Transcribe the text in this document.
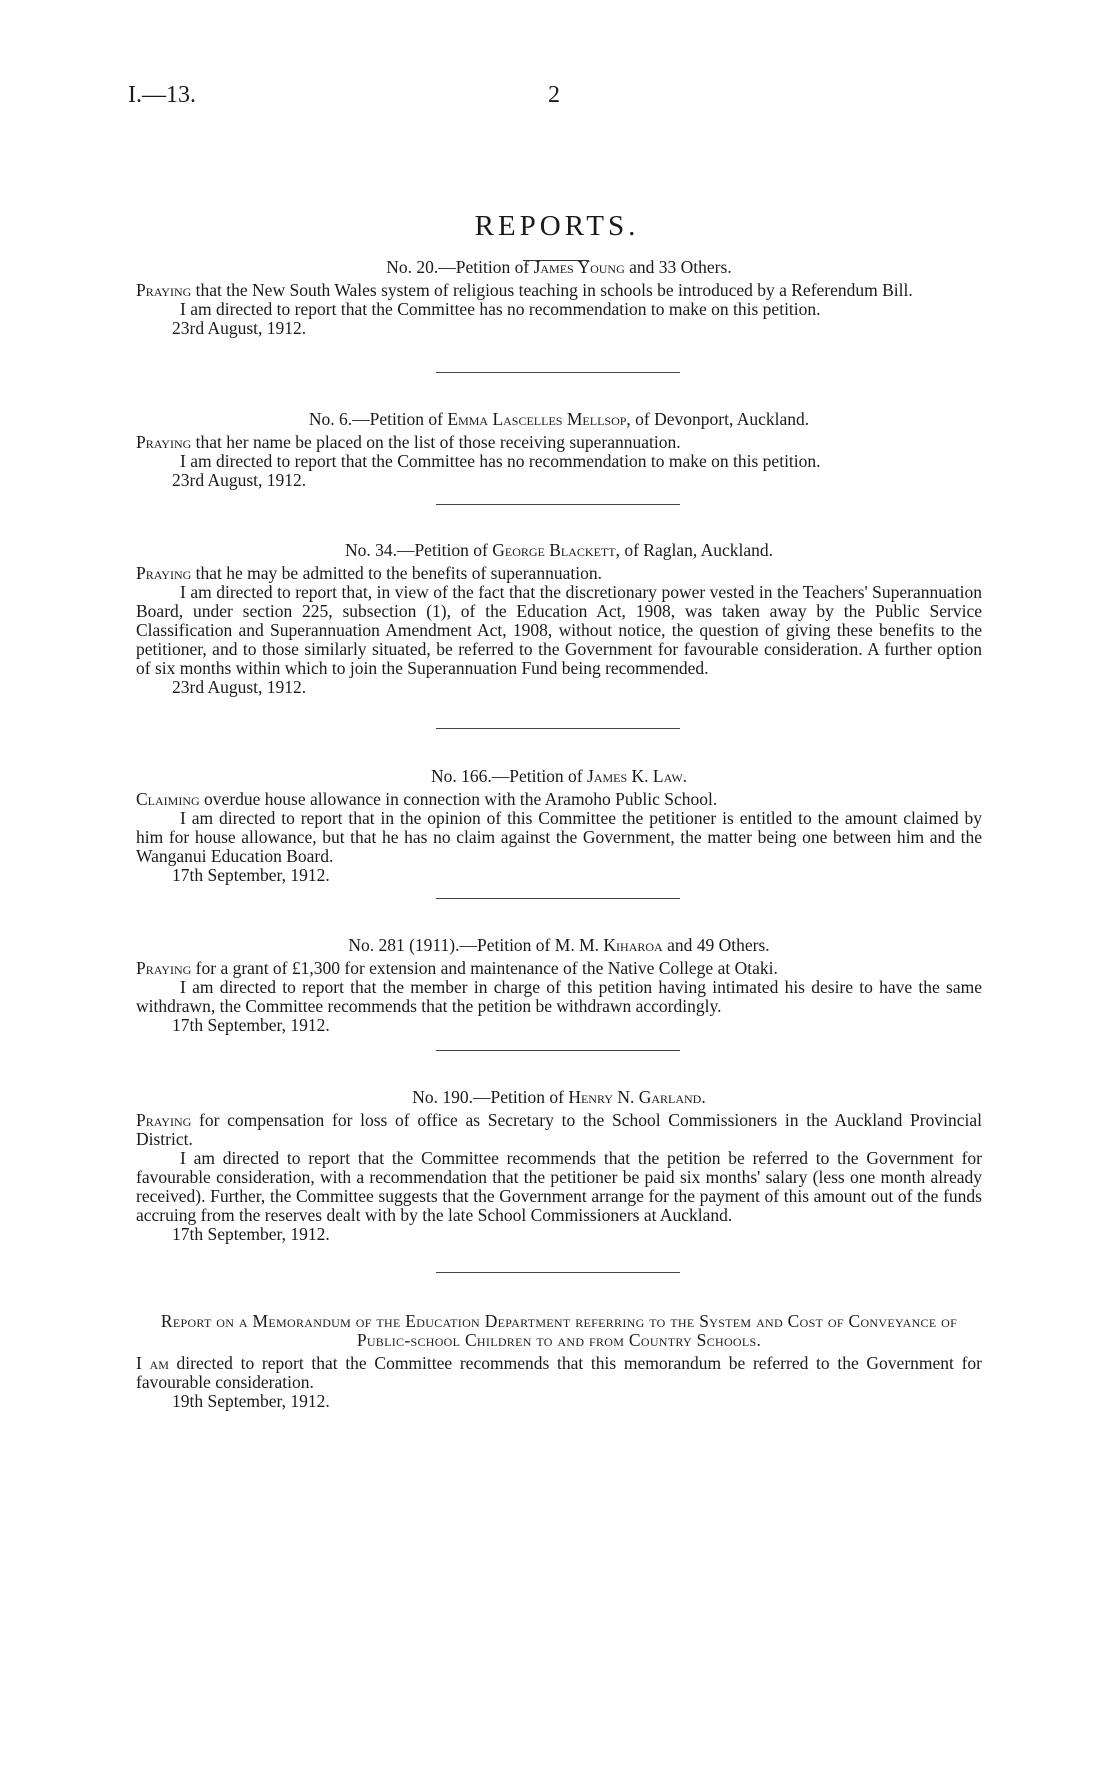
I.—13.	2
REPORTS.

No. 20.—Petition of James Young and 33 Others.

Praying that the New South Wales system of religious teaching in schools be introduced by a Referendum Bill.

I am directed to report that the Committee has no recommendation to make on this petition.

23rd August, 1912.

No. 6.—Petition of Emma Lascelles Mellsop, of Devonport, Auckland.

Praying that her name be placed on the list of those receiving superannuation.

I am directed to report that the Committee has no recommendation to make on this petition.

23rd August, 1912.

No. 34.—Petition of George Blackett, of Raglan, Auckland.

Praying that he may be admitted to the benefits of superannuation.

I am directed to report that, in view of the fact that the discretionary power vested in the Teachers' Superannuation Board, under section 225, subsection (1), of the Education Act, 1908, was taken away by the Public Service Classification and Superannuation Amendment Act, 1908, without notice, the question of giving these benefits to the petitioner, and to those similarly situated, be referred to the Government for favourable consideration. A further option of six months within which to join the Superannuation Fund being recommended.

23rd August, 1912.

No. 166.—Petition of James K. Law.

Claiming overdue house allowance in connection with the Aramoho Public School.

I am directed to report that in the opinion of this Committee the petitioner is entitled to the amount claimed by him for house allowance, but that he has no claim against the Government, the matter being one between him and the Wanganui Education Board.

17th September, 1912.

No. 281 (1911).—Petition of M. M. Kiharoa and 49 Others.

Praying for a grant of £1,300 for extension and maintenance of the Native College at Otaki.

I am directed to report that the member in charge of this petition having intimated his desire to have the same withdrawn, the Committee recommends that the petition be withdrawn accordingly.

17th September, 1912.

No. 190.—Petition of Henry N. Garland.

Praying for compensation for loss of office as Secretary to the School Commissioners in the Auckland Provincial District.

I am directed to report that the Committee recommends that the petition be referred to the Government for favourable consideration, with a recommendation that the petitioner be paid six months' salary (less one month already received). Further, the Committee suggests that the Government arrange for the payment of this amount out of the funds accruing from the reserves dealt with by the late School Commissioners at Auckland.

17th September, 1912.

Report on a Memorandum of the Education Department referring to the System and Cost of Conveyance of Public-school Children to and from Country Schools.

I am directed to report that the Committee recommends that this memorandum be referred to the Government for favourable consideration.

19th September, 1912.
